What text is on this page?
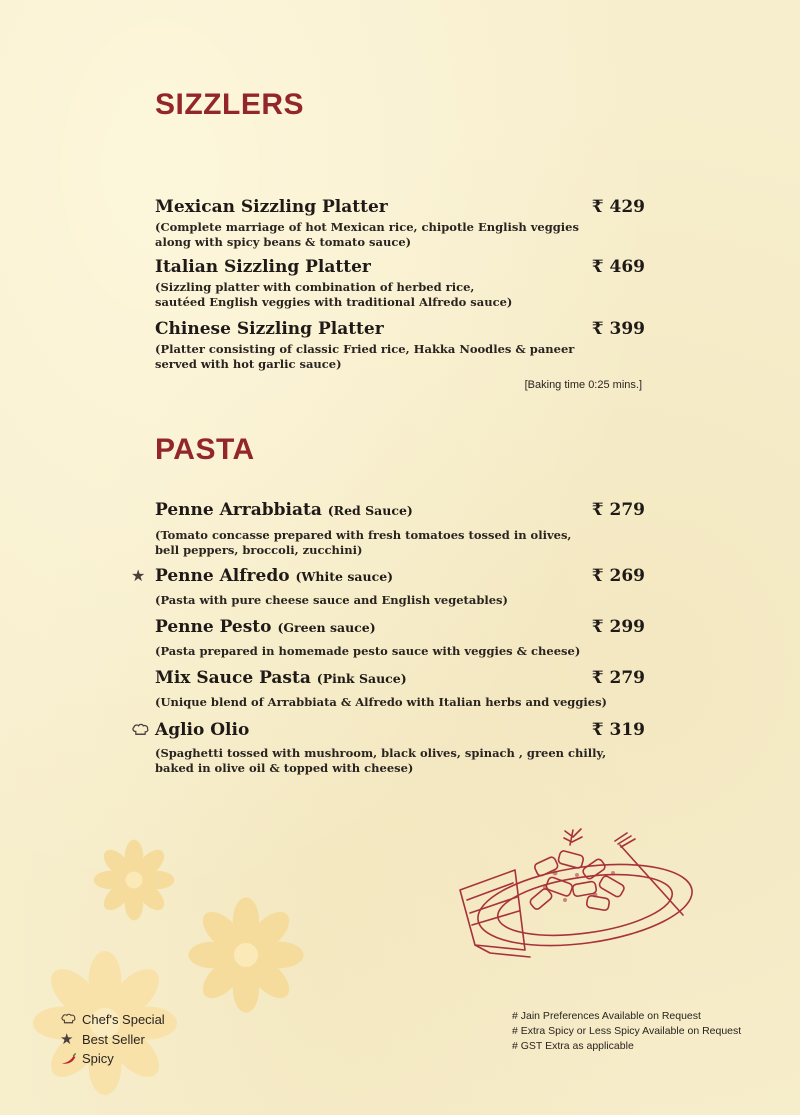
SIZZLERS
Mexican Sizzling Platter	₹ 429
(Complete marriage of hot Mexican rice, chipotle English veggies
along with spicy beans & tomato sauce)
Italian Sizzling Platter	₹ 469
(Sizzling platter with combination of herbed rice,
sautéed English veggies with traditional Alfredo sauce)
Chinese Sizzling Platter	₹ 399
(Platter consisting of classic Fried rice, Hakka Noodles & paneer
served with hot garlic sauce)
[Baking time 0:25 mins.]
PASTA
Penne Arrabbiata (Red Sauce)	₹ 279
(Tomato concasse prepared with fresh tomatoes tossed in olives,
bell peppers, broccoli, zucchini)
★ Penne Alfredo (White sauce)	₹ 269
(Pasta with pure cheese sauce and English vegetables)
Penne Pesto (Green sauce)	₹ 299
(Pasta prepared in homemade pesto sauce with veggies & cheese)
Mix Sauce Pasta (Pink Sauce)	₹ 279
(Unique blend of Arrabbiata & Alfredo with Italian herbs and veggies)
Aglio Olio	₹ 319
(Spaghetti tossed with mushroom, black olives, spinach , green chilly,
baked in olive oil & topped with cheese)
Chef's Special
★ Best Seller
Spicy
# Jain Preferences Available on Request
# Extra Spicy or Less Spicy Available on Request
# GST Extra as applicable
